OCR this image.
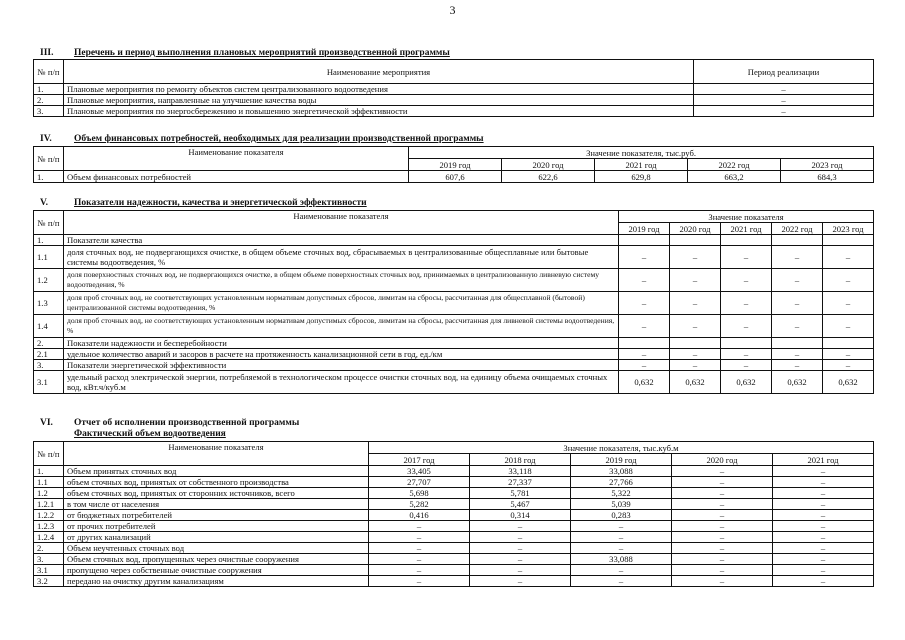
3
III. Перечень и период выполнения плановых мероприятий производственной программы
№ п/п	Наименование мероприятия	Период реализации
1.	Плановые мероприятия по ремонту объектов систем централизованного водоотведения	–
2.	Плановые мероприятия, направленные на улучшение качества воды	–
3.	Плановые мероприятия по энергосбережению и повышению энергетической эффективности	–
IV. Объем финансовых потребностей, необходимых для реализации производственной программы
№ п/п	Наименование показателя	Значение показателя, тыс.руб.				
		2019 год	2020 год	2021 год	2022 год	2023 год
1.	Объем финансовых потребностей	607,6	622,6	629,8	663,2	684,3
V.	Показатели надежности, качества и энергетической эффективности
№ п/п	Наименование показателя	Значение показателя				
		2019 год	2020 год	2021 год	2022 год	2023 год
1.	Показатели качества					
1.1	доля сточных вод, не подвергающихся очистке, в общем объеме сточных вод, сбрасываемых в централизованные общесплавные или бытовые системы водоотведения, %	–	–	–	–	–
1.2	доля поверхностных сточных вод, не подвергающихся очистке, в общем объеме поверхностных сточных вод, принимаемых в централизованную ливневую систему водоотведения, %	–	–	–	–	–
1.3	доля проб сточных вод, не соответствующих установленным нормативам допустимых сбросов, лимитам на сбросы, рассчитанная для общесплавной (бытовой) централизованной системы водоотведения, %	–	–	–	–	–
1.4	доля проб сточных вод, не соответствующих установленным нормативам допустимых сбросов, лимитам на сбросы, рассчитанная для ливневой системы водоотведения, %	–	–	–	–	–
2.	Показатели надежности и бесперебойности					
2.1	удельное количество аварий и засоров в расчете на протяженность канализационной сети в год, ед./км	–	–	–	–	–
3.	Показатели энергетической эффективности	–	–	–	–	–
3.1	удельный расход электрической энергии, потребляемой в технологическом процессе очистки сточных вод, на единицу объема очищаемых сточных вод, кВт.ч/куб.м	0,632	0,632	0,632	0,632	0,632
VI. Отчет об исполнении производственной программы
Фактический объем водоотведения
№ п/п	Наименование показателя	Значение показателя, тыс.куб.м				
		2017 год	2018 год	2019 год	2020 год	2021 год
1.	Объем принятых сточных вод	33,405	33,118	33,088	–	–
1.1	объем сточных вод, принятых от собственного производства	27,707	27,337	27,766	–	–
1.2	объем сточных вод, принятых от сторонних источников, всего	5,698	5,781	5,322	–	–
1.2.1	в том числе от населения	5,282	5,467	5,039	–	–
1.2.2	от бюджетных потребителей	0,416	0,314	0,283	–	–
1.2.3	от прочих потребителей	–	–	–	–	–
1.2.4	от других канализаций	–	–	–	–	–
2.	Объем неучтенных сточных вод	–	–	–	–	–
3.	Объем сточных вод, пропущенных через очистные сооружения	–	–	33,088	–	–
3.1	пропущено через собственные очистные сооружения	–	–	–	–	–
3.2	передано на очистку другим канализациям	–	–	–	–	–
